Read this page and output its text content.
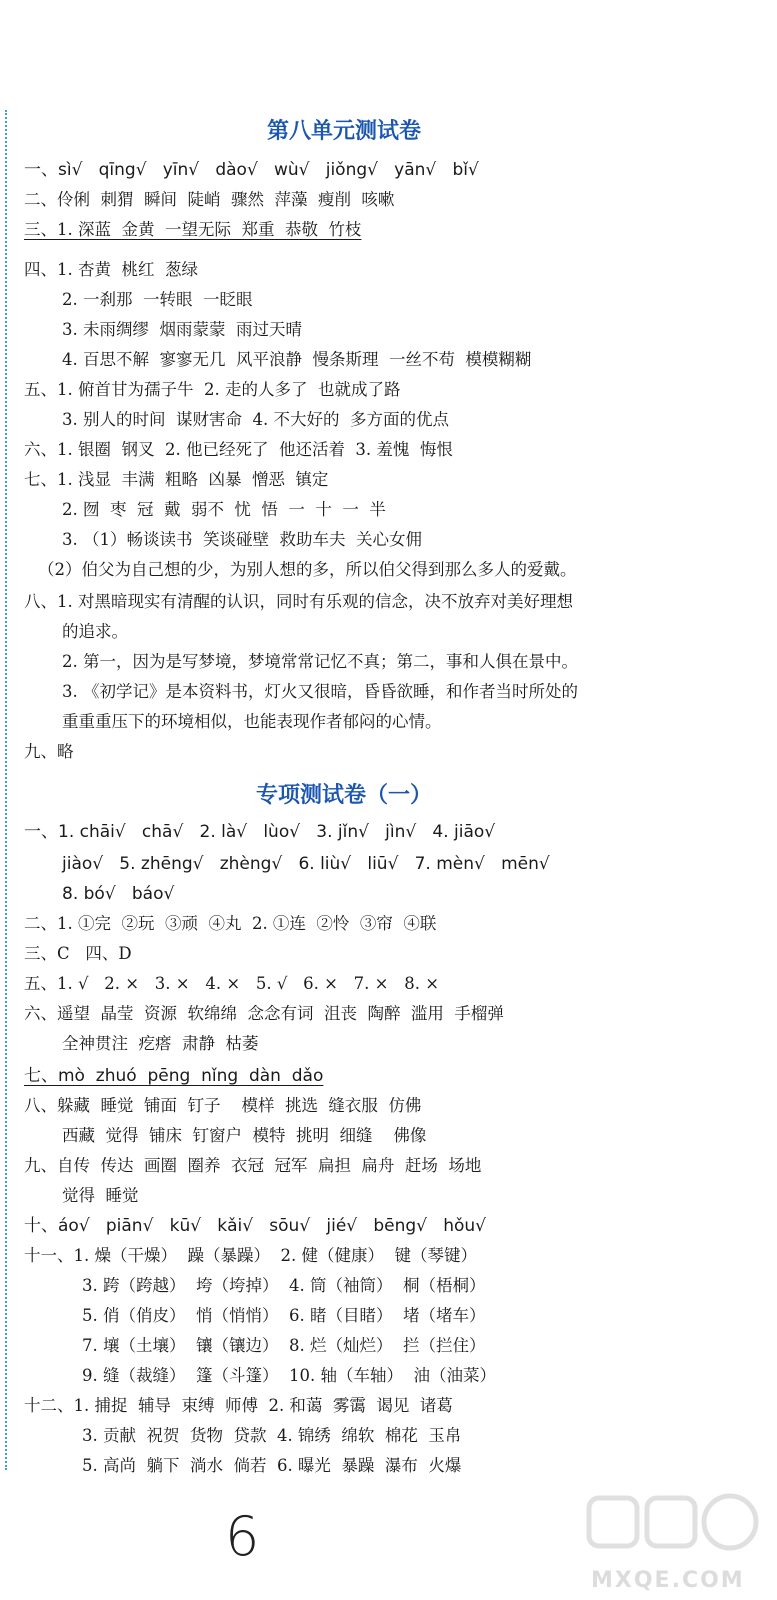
第八单元测试卷
一、sì√   qīng√   yīn√   dào√   wù√   jiǒng√   yān√   bǐ√
二、伶俐  刺猬  瞬间  陡峭  骤然  萍藻  瘦削  咳嗽
三、1. 深蓝  金黄  一望无际  郑重  恭敬  竹枝
四、1. 杏黄  桃红  葱绿
2. 一刹那  一转眼  一眨眼
3. 未雨绸缪  烟雨蒙蒙  雨过天晴
4. 百思不解  寥寥无几  风平浪静  慢条斯理  一丝不苟  模模糊糊
五、1. 俯首甘为孺子牛  2. 走的人多了  也就成了路
3. 别人的时间  谋财害命  4. 不大好的  多方面的优点
六、1. 银圈  钢叉  2. 他已经死了  他还活着  3. 羞愧  悔恨
七、1. 浅显  丰满  粗略  凶暴  憎恶  镇定
2. 囫  枣  冠  戴  弱不  忧  悟  一  十  一  半
3. （1）畅谈读书  笑谈碰壁  救助车夫  关心女佣
（2）伯父为自己想的少，为别人想的多，所以伯父得到那么多人的爱戴。
八、1. 对黑暗现实有清醒的认识，同时有乐观的信念，决不放弃对美好理想
的追求。
2. 第一，因为是写梦境，梦境常常记忆不真；第二，事和人俱在景中。
3. 《初学记》是本资料书，灯火又很暗，昏昏欲睡，和作者当时所处的
重重重压下的环境相似，也能表现作者郁闷的心情。
九、略
专项测试卷（一）
一、1. chāi√   chā√   2. là√   lùo√   3. jǐn√   jìn√   4. jiāo√
jiào√   5. zhēng√   zhèng√   6. liù√   liū√   7. mèn√   mēn√
8. bó√   báo√
二、1. ①完  ②玩  ③顽  ④丸  2. ①连  ②怜  ③帘  ④联
三、C   四、D
五、1. √   2. ×   3. ×   4. ×   5. √   6. ×   7. ×   8. ×
六、遥望  晶莹  资源  软绵绵  念念有词  沮丧  陶醉  滥用  手榴弹
全神贯注  疙瘩  肃静  枯萎
七、mò  zhuó  pēng  nǐng  dàn  dǎo
八、躲藏  睡觉  铺面  钉子    模样  挑选  缝衣服  仿佛
西藏  觉得  铺床  钉窗户  模特  挑明  细缝    佛像
九、自传  传达  画圈  圈养  衣冠  冠军  扁担  扁舟  赶场  场地
觉得  睡觉
十、áo√   piān√   kū√   kǎi√   sōu√   jié√   bēng√   hǒu√
十一、1. 燥（干燥）  躁（暴躁）  2. 健（健康）  键（琴键）
3. 跨（跨越）  垮（垮掉）  4. 筒（袖筒）  桐（梧桐）
5. 俏（俏皮）  悄（悄悄）  6. 睹（目睹）  堵（堵车）
7. 壤（土壤）  镶（镶边）  8. 烂（灿烂）  拦（拦住）
9. 缝（裁缝）  篷（斗篷）  10. 轴（车轴）  油（油菜）
十二、1. 捕捉  辅导  束缚  师傅  2. 和蔼  雾霭  谒见  诸葛
3. 贡献  祝贺  货物  贷款  4. 锦绣  绵软  棉花  玉帛
5. 高尚  躺下  淌水  倘若  6. 曝光  暴躁  瀑布  火爆
6
MXQE.COM
